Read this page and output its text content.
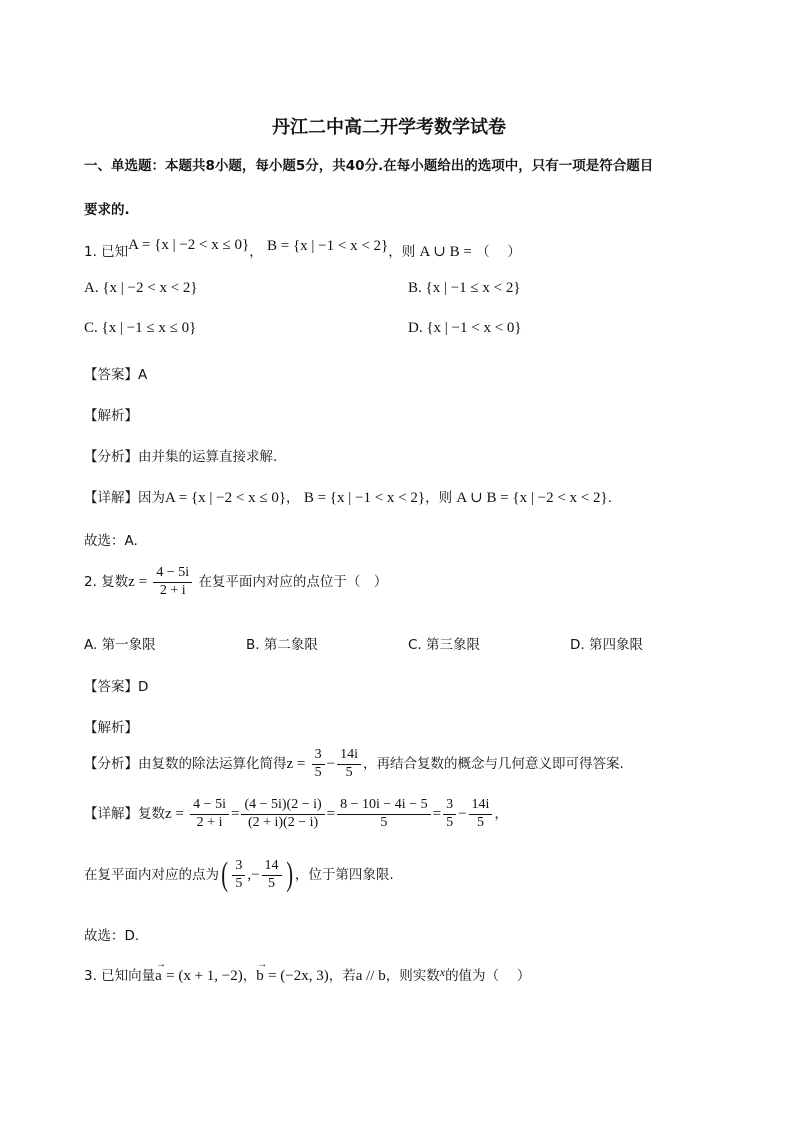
丹江二中高二开学考数学试卷
一、单选题：本题共8小题，每小题5分，共40分.在每小题给出的选项中，只有一项是符合题目
要求的.
1. 已知A = {x | −2 < x ≤ 0}， B = {x | −1 < x < 2}，则 A ∪ B = （　 ）
A. {x | −2 < x < 2}	B. {x | −1 ≤ x < 2}
C. {x | −1 ≤ x ≤ 0}	D. {x | −1 < x < 0}
【答案】A
【解析】
【分析】由并集的运算直接求解.
【详解】因为A = {x | −2 < x ≤ 0}， B = {x | −1 < x < 2}，则 A ∪ B = {x | −2 < x < 2}.
故选：A.
2. 复数$z = \frac{4 - 5i}{2 + i}$ 在复平面内对应的点位于（　）
A. 第一象限	B. 第二象限	C. 第三象限	D. 第四象限
【答案】D
【解析】
【分析】由复数的除法运算化简得$z = \frac{3}{5} - \frac{14i}{5}$ ，再结合复数的概念与几何意义即可得答案.
【详解】复数$z = \frac{4 - 5i}{2 + i} = \frac{(4 - 5i)(2 - i)}{(2 + i)(2 - i)} = \frac{8 - 10i - 4i - 5}{5} = \frac{3}{5} - \frac{14i}{5}$ ，
在复平面内对应的点为( $\frac{3}{5}$ ,− $\frac{14}{5}$ ) ，位于第四象限.
故选：D.
3. 已知向量
→
a = (x + 1, −2)，
→
b = (−2x, 3)，若a // b，则实数x的值为（　 ）
